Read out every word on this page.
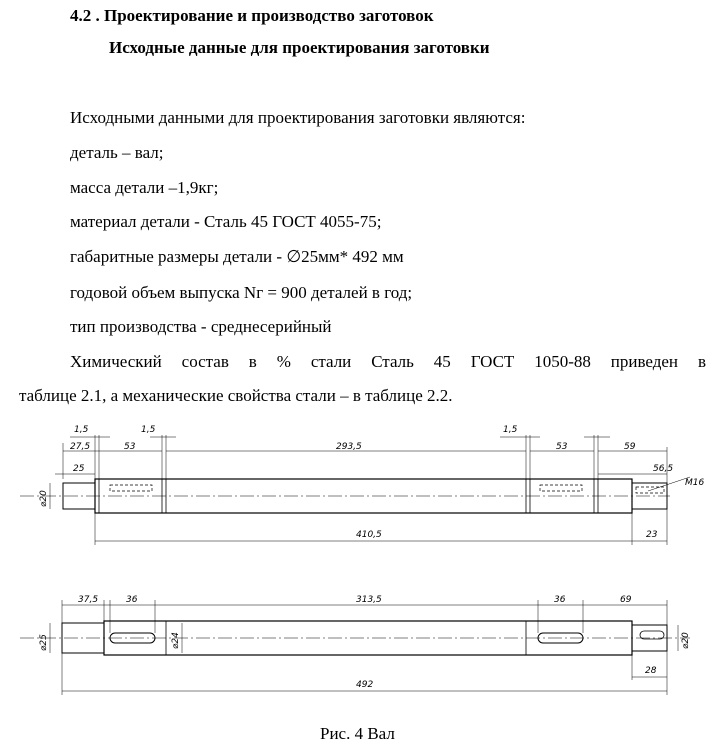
4.2 . Проектирование и производство заготовок
Исходные данные для проектирования заготовки
Исходными данными для проектирования заготовки являются:
деталь – вал;
масса детали –1,9кг;
материал детали - Сталь 45 ГОСТ 4055-75;
габаритные размеры детали - ∅25мм* 492 мм
годовой объем выпуска Nг = 900 деталей в год;
тип производства - среднесерийный
Химический состав в % стали Сталь 45 ГОСТ 1050-88 приведен в
таблице 2.1, а механические свойства стали – в таблице 2.2.
1,5	1,5
27,5	53	293,5
1,5
53	59
25	56,5
M16
⌀20
410,5	23
37,5	36	313,5	36	69
⌀25	⌀24	⌀20
28
492
Рис. 4 Вал
